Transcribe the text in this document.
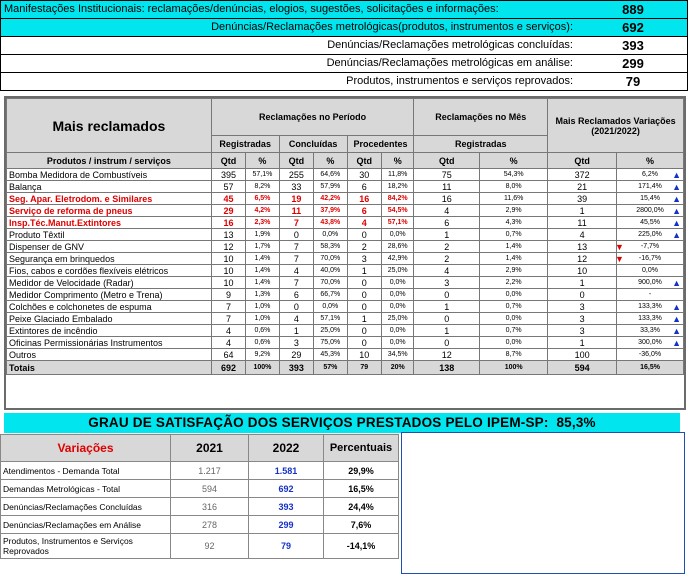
Manifestações Institucionais: reclamações/denúncias, elogios, sugestões, solicitações e informações:	889
Denúncias/Reclamações metrológicas(produtos, instrumentos e serviços):	692
Denúncias/Reclamações metrológicas concluídas:	393
Denúncias/Reclamações metrológicas em análise:	299
Produtos, instrumentos e serviços reprovados:	79
Mais reclamados	Reclamações no Período						Reclamações no Mês		Mais Reclamados Variações (2021/2022)	
	Registradas		Concluídas		Procedentes		Registradas			
Produtos / instrum / serviços	Qtd	%	Qtd	%	Qtd	%	Qtd	%	Qtd	%
Bomba Medidora de Combustíveis	395	57,1%	255	64,6%	30	11,8%	75	54,3%	372	6,2% ▲

Balança	57	8,2%	33	57,9%	6	18,2%	11	8,0%	21	171,4% ▲

Seg. Apar. Eletrodom. e Similares	45	6,5%	19	42,2%	16	84,2%	16	11,6%	39	15,4% ▲

Serviço de reforma de pneus	29	4,2%	11	37,9%	6	54,5%	4	2,9%	1	2800,0% ▲

Insp.Téc.Manut.Extintores	16	2,3%	7	43,8%	4	57,1%	6	4,3%	11	45,5% ▲

Produto Têxtil	13	1,9%	0	0,0%	0	0,0%	1	0,7%	4	225,0% ▲

Dispenser de GNV	12	1,7%	7	58,3%	2	28,6%	2	1,4%	13	-7,7%
▼

Segurança em brinquedos	10	1,4%	7	70,0%	3	42,9%	2	1,4%	12	-16,7%
▼

Fios, cabos e cordões flexíveis elétricos	10	1,4%	4	40,0%	1	25,0%	4	2,9%	10	0,0%
Medidor de Velocidade (Radar)	10	1,4%	7	70,0%	0	0,0%	3	2,2%	1	900,0% ▲

Medidor Comprimento (Metro e Trena)	9	1,3%	6	66,7%	0	0,0%	0	0,0%	0	-
Colchões e colchonetes de espuma	7	1,0%	0	0,0%	0	0,0%	1	0,7%	3	133,3% ▲

Peixe Glaciado Embalado	7	1,0%	4	57,1%	1	25,0%	0	0,0%	3	133,3% ▲

Extintores de incêndio	4	0,6%	1	25,0%	0	0,0%	1	0,7%	3	33,3% ▲

Oficinas Permissionárias Instrumentos	4	0,6%	3	75,0%	0	0,0%	0	0,0%	1	300,0% ▲

Outros	64	9,2%	29	45,3%	10	34,5%	12	8,7%	100	-36,0%
Totais	692	100%	393	57%	79	20%	138	100%	594	16,5%
GRAU DE SATISFAÇÃO DOS SERVIÇOS PRESTADOS PELO IPEM-SP: 85,3%
Variações	2021	2022	Percentuais
Atendimentos - Demanda Total	1.217	1.581	29,9%
Demandas Metrológicas - Total	594	692	16,5%
Denúncias/Reclamações Concluídas	316	393	24,4%
Denúncias/Reclamações em Análise	278	299	7,6%
Produtos, Instrumentos e Serviços Reprovados	92	79	-14,1%
